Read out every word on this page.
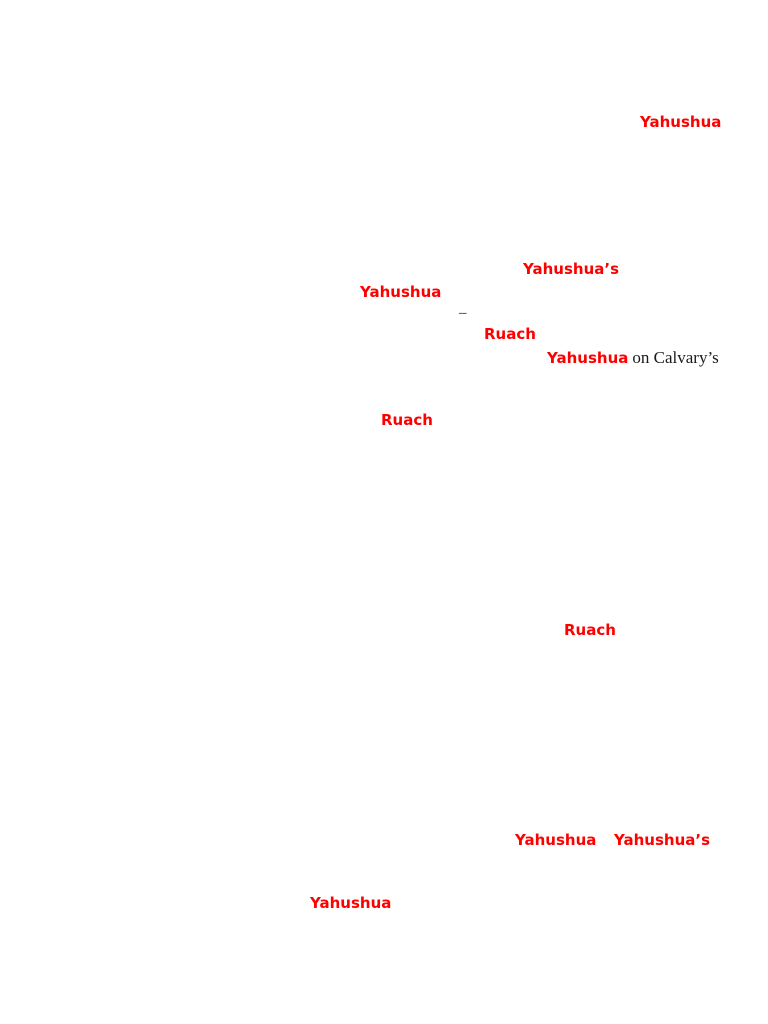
Yahushua
Yahushua’s
Yahushua
–
Ruach
Yahushua on Calvary’s
Ruach
Ruach
Yahushua Yahushua’s
Yahushua
